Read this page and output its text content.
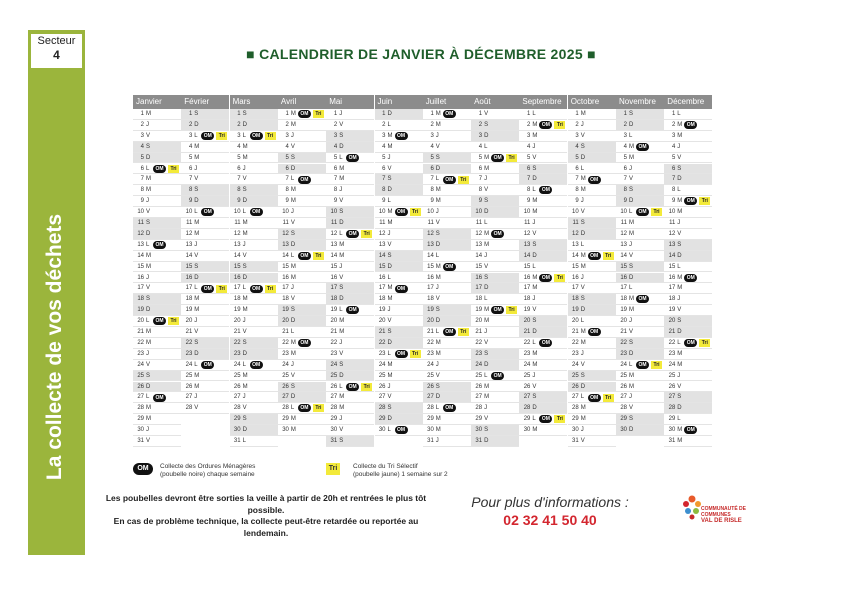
Secteur
4
La collecte de vos déchets
■ CALENDRIER DE JANVIER À DÉCEMBRE 2025 ■
Janvier
1 M
2 J
3 V
4 S
5 D
6 L	OM	Tri
7 M
8 M
9 J
10 V
11 S
12 D
13 L	OM
14 M
15 M
16 J
17 V
18 S
19 D
20 L	OM	Tri
21 M
22 M
23 J
24 V
25 S
26 D
27 L	OM
28 M
29 M
30 J
31 V
Février
1 S
2 D
3 L	OM	Tri
4 M
5 M
6 J
7 V
8 S
9 D
10 L	OM
11 M
12 M
13 J
14 V
15 S
16 D
17 L	OM	Tri
18 M
19 M
20 J
21 V
22 S
23 D
24 L	OM
25 M
26 M
27 J
28 V
Mars
1 S
2 D
3 L	OM	Tri
4 M
5 M
6 J
7 V
8 S
9 D
10 L	OM
11 M
12 M
13 J
14 V
15 S
16 D
17 L	OM	Tri
18 M
19 M
20 J
21 V
22 S
23 D
24 L	OM
25 M
26 M
27 J
28 V
29 S
30 D
31 L
Avril
1 M OM	Tri
2 M
3 J
4 V
5 S
6 D
7 L	OM
8 M
9 M
10 J
11 V
12 S
13 D
14 L	OM	Tri
15 M
16 M
17 J
18 V
19 S
20 D
21 L
22 M OM
23 M
24 J
25 V
26 S
27 D
28 L	OM	Tri
29 M
30 M
Mai
1 J
2 V
3 S
4 D
5 L	OM
6 M
7 M
8 J
9 V
10 S
11 D
12 L	OM	Tri
13 M
14 M
15 J
16 V
17 S
18 D
19 L	OM
20 M
21 M
22 J
23 V
24 S
25 D
26 L	OM	Tri
27 M
28 M
29 J
30 V
31 S
Juin
1 D
2 L
3 M OM
4 M
5 J
6 V
7 S
8 D
9 L
10 M OM	Tri
11 M
12 J
13 V
14 S
15 D
16 L
17 M OM
18 M
19 J
20 V
21 S
22 D
23 L	OM	Tri
24 M
25 M
26 J
27 V
28 S
29 D
30 L	OM
Juillet
1 M OM
2 M
3 J
4 V
5 S
6 D
7 L	OM	Tri
8 M
9 M
10 J
11 V
12 S
13 D
14 L
15 M OM
16 M
17 J
18 V
19 S
20 D
21 L	OM	Tri
22 M
23 M
24 J
25 V
26 S
27 D
28 L	OM
29 M
30 M
31 J
Août
1 V
2 S
3 D
4 L
5 M OM	Tri
6 M
7 J
8 V
9 S
10 D
11 L
12 M OM
13 M
14 J
15 V
16 S
17 D
18 L
19 M OM	Tri
20 M
21 J
22 V
23 S
24 D
25 L	OM
26 M
27 M
28 J
29 V
30 S
31 D
Septembre
1 L
2 M OM	Tri
3 M
4 J
5 V
6 S
7 D
8 L	OM
9 M
10 M
11 J
12 V
13 S
14 D
15 L
16 M OM	Tri
17 M
18 J
19 V
20 S
21 D
22 L	OM
23 M
24 M
25 J
26 V
27 S
28 D
29 L	OM	Tri
30 M
Octobre
1 M
2 J
3 V
4 S
5 D
6 L
7 M OM
8 M
9 J
10 V
11 S
12 D
13 L
14 M OM	Tri
15 M
16 J
17 V
18 S
19 D
20 L
21 M OM
22 M
23 J
24 V
25 S
26 D
27 L	OM	Tri
28 M
29 M
30 J
31 V
Novembre
1 S
2 D
3 L
4 M OM
5 M
6 J
7 V
8 S
9 D
10 L	OM	Tri
11 M
12 M
13 J
14 V
15 S
16 D
17 L
18 M OM
19 M
20 J
21 V
22 S
23 D
24 L	OM	Tri
25 M
26 M
27 J
28 V
29 S
30 D
Décembre
1 L
2 M OM
3 M
4 J
5 V
6 S
7 D
8 L
9 M OM	Tri
10 M
11 J
12 V
13 S
14 D
15 L
16 M OM
17 M
18 J
19 V
20 S
21 D
22 L	OM	Tri
23 M
24 M
25 J
26 V
27 S
28 D
29 L
30 M OM
31 M
OM	Collecte des Ordures Ménagères
(poubelle noire) chaque semaine
Tri	Collecte du Tri Sélectif
(poubelle jaune) 1 semaine sur 2
Les poubelles devront être sorties la veille à partir de 20h et rentrées le plus tôt possible.
En cas de problème technique, la collecte peut-être retardée ou reportée au lendemain.
Pour plus d'informations :
02 32 41 50 40
COMMUNAUTÉ DE COMMUNES
VAL DE RISLE
